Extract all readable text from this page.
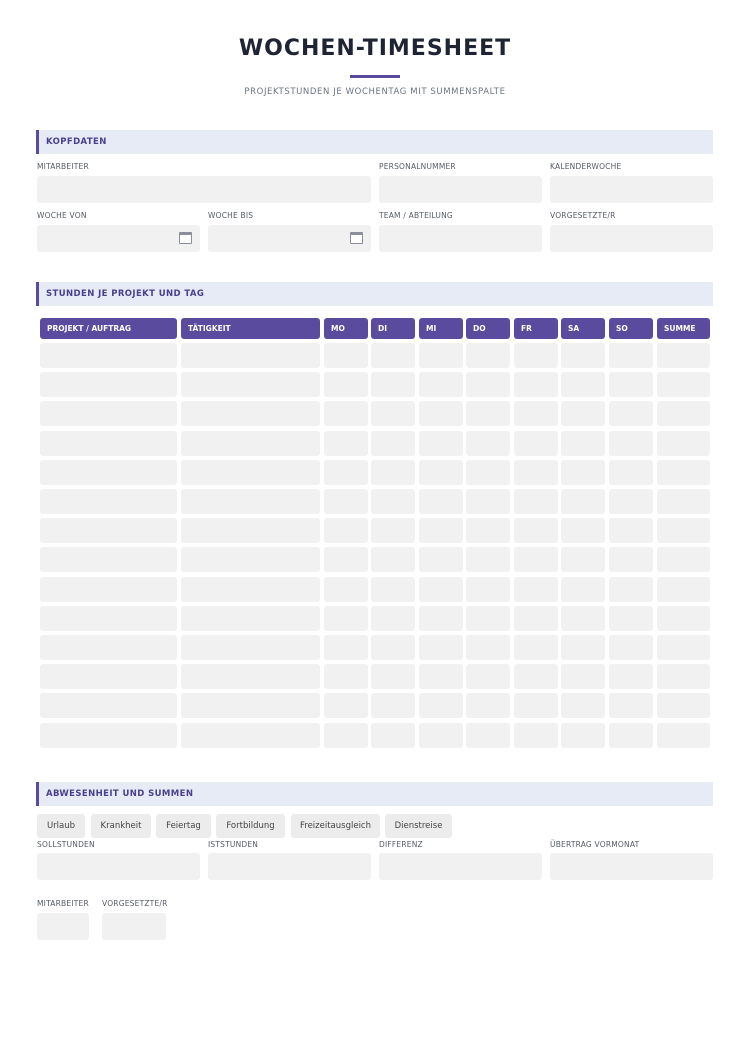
WOCHEN-TIMESHEET
PROJEKTSTUNDEN JE WOCHENTAG MIT SUMMENSPALTE
KOPFDATEN
MITARBEITER	PERSONALNUMMER	KALENDERWOCHE
WOCHE VON	WOCHE BIS	TEAM / ABTEILUNG	VORGESETZTE/R
STUNDEN JE PROJEKT UND TAG
PROJEKT / AUFTRAG	TÄTIGKEIT	MO	DI	MI	DO	FR	SA	SO	SUMME
ABWESENHEIT UND SUMMEN
Urlaub	Krankheit	Feiertag	Fortbildung	Freizeitausgleich	Dienstreise
SOLLSTUNDEN	ISTSTUNDEN	DIFFERENZ	ÜBERTRAG VORMONAT
MITARBEITER VORGESETZTE/R
